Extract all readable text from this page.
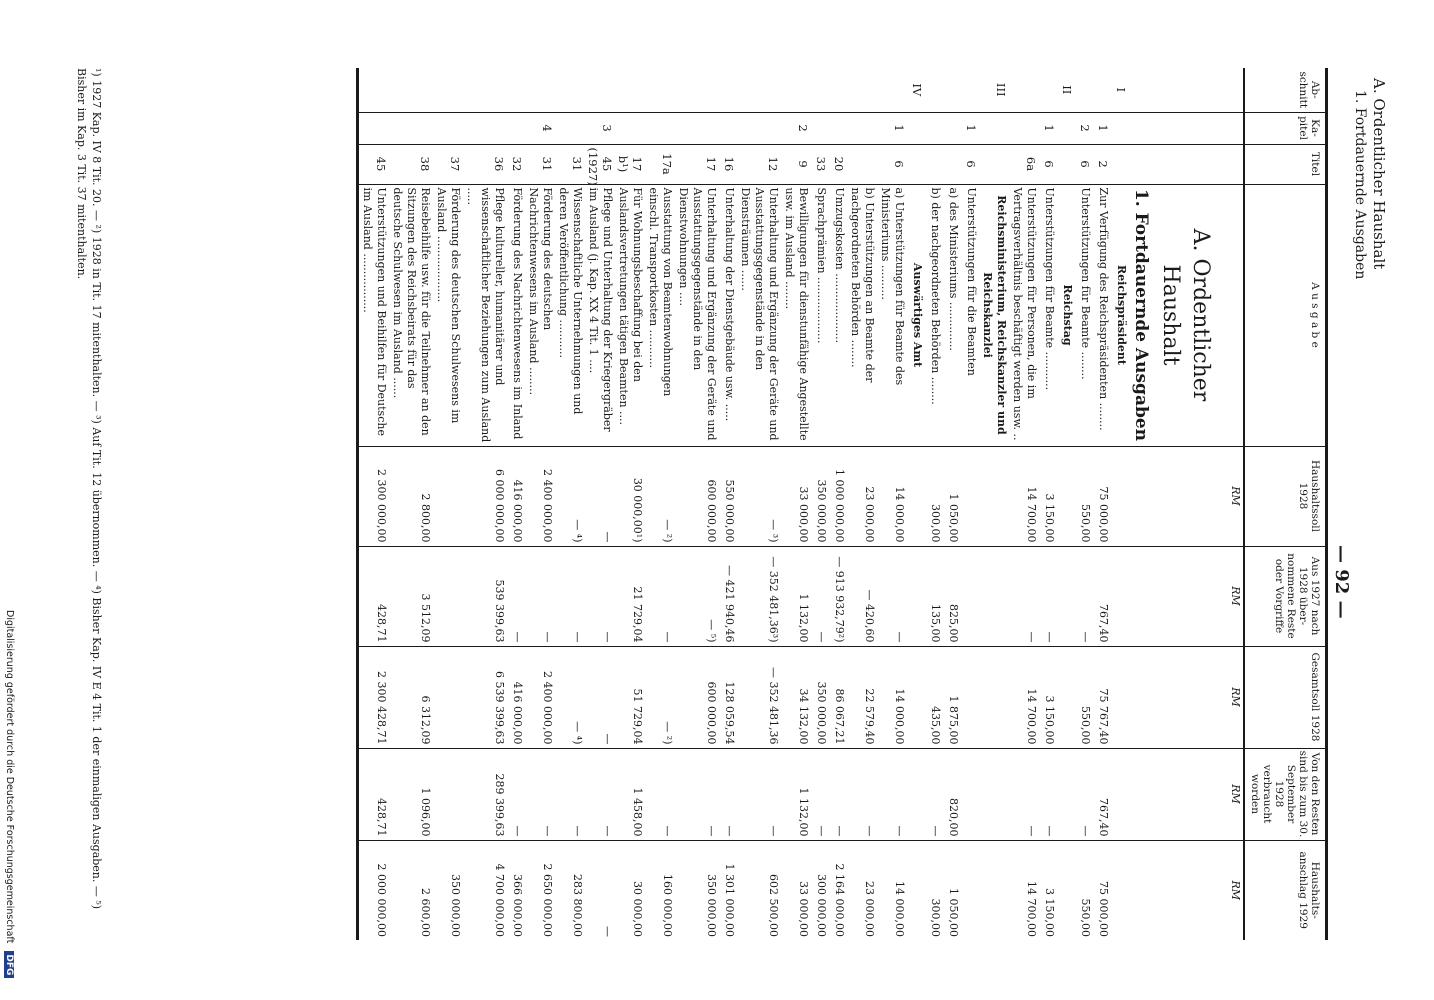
A. Ordentlicher Haushalt
1. Fortdauernde Ausgaben
— 92 —
Ab-schnitt	Ka-pitel	Titel	A u s g a b e	Haushaltssoll 1928	Aus 1927 nach 1928 über-nommene Reste oder Vorgriffe	Gesamtsoll 1928	Von den Resten sind bis zum 30. September 1928 verbraucht worden	Haushalts-anschlag 1929
				RM	RM	RM	RM	RM
			A. Ordentlicher Haushalt					
			1. Fortdauernde Ausgaben					
I			Reichspräsident					
	1	2	Zur Verfügung des Reichspräsidenten ........	75 000,00	767,40	75 767,40	767,40	75 000,00
	2	6	Unterstützungen für Beamte ........	550,00	—	550,00	—	550,00
II			Reichstag					
	1	6	Unterstützungen für Beamte ...........	3 150,00	—	3 150,00	—	3 150,00
		6a	Unterstützungen für Personen, die im Vertragsverhältnis beschäftigt werden usw. ..	14 700,00	—	14 700,00	—	14 700,00
III			Reichsministerium, Reichskanzler und Reichskanzlei					
	1	6	Unterstützungen für die Beamten					
			a) des Ministeriums ..............	1 050,00	825,00	1 875,00	820,00	1 050,00
			b) der nachgeordneten Behörden ........	300,00	135,00	435,00	—	300,00
IV			Auswärtiges Amt					
	1	6	a) Unterstützungen für Beamte des Ministeriums ..........	14 000,00	—	14 000,00	—	14 000,00
			b) Unterstützungen an Beamte der nachgeordneten Behörden ........	23 000,00	— 420,60	22 579,40	—	23 000,00
		20	Umzugskosten ....................	1 000 000,00	— 913 932,79²)	86 067,21	—	2 164 000,00
		33	Sprachprämien ...................	350 000,00	—	350 000,00	—	300 000,00
	2	9	Bewilligungen für dienstunfähige Angestellte usw. im Ausland ........	33 000,00	1 132,00	34 132,00	1 132,00	33 000,00
		12	Unterhaltung und Ergänzung der Geräte und Ausstattungsgegenstände in den Diensträumen ......	— ³)	— 352 481,36³)	— 352 481,36	—	602 500,00
		16	Unterhaltung der Dienstgebäude usw. .....	550 000,00	— 421 940,46	128 059,54	—	1 301 000,00
		17	Unterhaltung und Ergänzung der Geräte und Ausstattungsgegenstände in den Dienstwohnungen ....	600 000,00	— ⁵)	600 000,00	—	350 000,00
		17a	Ausstattung von Beamtenwohnungen einschl. Transportkosten ...........	— ²)	—	— ²)	—	160 000,00
		17 b¹)	Für Wohnungsbeschaffung bei den Auslandsvertretungen tätigen Beamten ....	30 000,00¹)	21 729,04	51 729,04	1 458,00	30 000,00
	3	45 (1927)	Pflege und Unterhaltung der Kriegergräber im Ausland (j. Kap. XX 4 Tit. 1 ....	—	—	—	—	—
		31	Wissenschaftliche Unternehmungen und deren Veröffentlichung ...........	— ⁴)	—	— ⁴)	—	283 800,00
	4	31	Förderung des deutschen Nachrichtenwesens im Ausland ........	2 400 000,00	—	2 400 000,00	—	2 650 000,00
		32	Förderung des Nachrichtenwesens im Inland	416 000,00	—	416 000,00	—	366 000,00
		36	Pflege kultureller, humanitärer und wissenschaftlicher Beziehungen zum Ausland .....	6 000 000,00	539 399,63	6 539 399,63	289 399,63	4 700 000,00
		37	Förderung des deutschen Schulwesens im Ausland ...................					350 000,00
		38	Reisebeihilfe usw. für die Teilnehmer an den Sitzungen des Reichsbeirats für das deutsche Schulwesen im Ausland ......	2 800,00	3 512,09	6 312,09	1 096,00	2 600,00
		45	Unterstützungen und Beihilfen für Deutsche im Ausland .................	2 300 000,00	428,71	2 300 428,71	428,71	2 000 000,00
¹) 1927 Kap. IV 8 Tit. 20. — ²) 1928 in Tit. 17 mitenthalten. — ³) Auf Tit. 12 übernommen. — ⁴) Bisher Kap. IV E 4 Tit. 1 der einmaligen Ausgaben. — ⁵) Bisher im Kap. 3 Tit. 37 mitenthalten.
Digitalisierung gefördert durch die Deutsche Forschungsgemeinschaft DFG
